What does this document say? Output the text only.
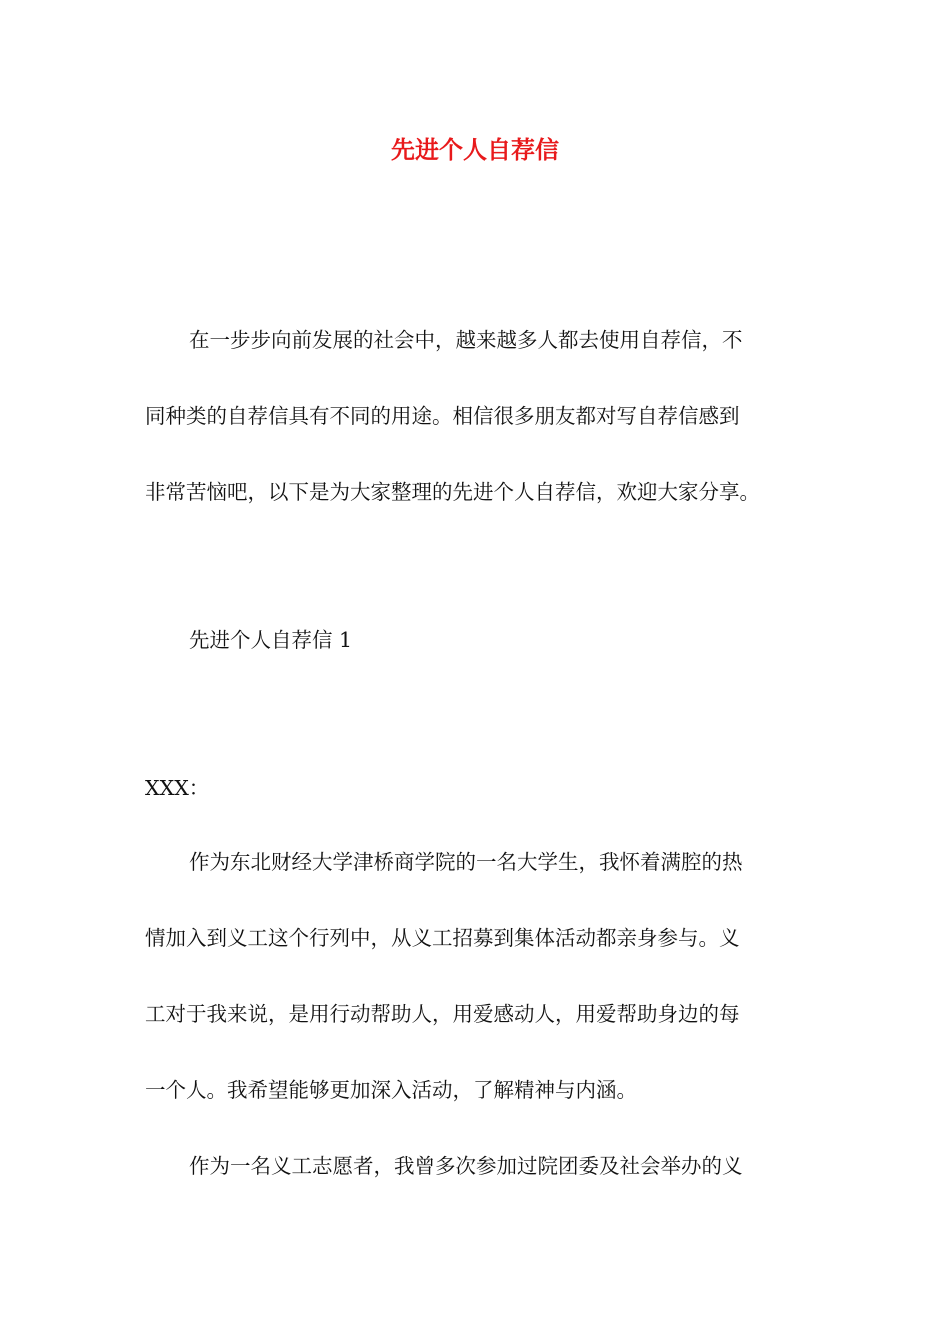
先进个人自荐信
在一步步向前发展的社会中，越来越多人都去使用自荐信，不
同种类的自荐信具有不同的用途。相信很多朋友都对写自荐信感到
非常苦恼吧，以下是为大家整理的先进个人自荐信，欢迎大家分享。
先进个人自荐信 1
XXX：
作为东北财经大学津桥商学院的一名大学生，我怀着满腔的热
情加入到义工这个行列中，从义工招募到集体活动都亲身参与。义
工对于我来说，是用行动帮助人，用爱感动人，用爱帮助身边的每
一个人。我希望能够更加深入活动，了解精神与内涵。
作为一名义工志愿者，我曾多次参加过院团委及社会举办的义
